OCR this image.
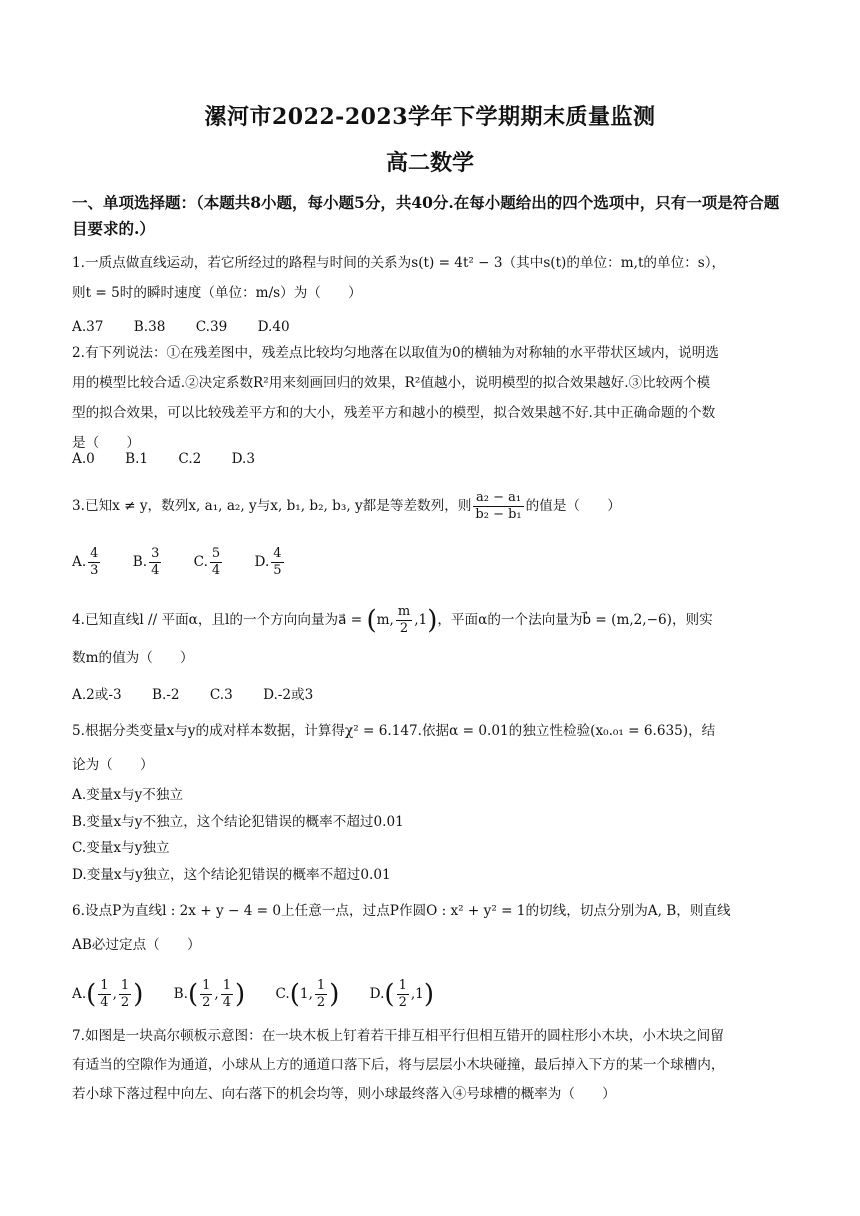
漯河市2022-2023学年下学期期末质量监测
高二数学
一、单项选择题：（本题共8小题，每小题5分，共40分.在每小题给出的四个选项中，只有一项是符合题目要求的.）
1.一质点做直线运动，若它所经过的路程与时间的关系为s(t) = 4t² − 3（其中s(t)的单位：m,t的单位：s），
则t = 5时的瞬时速度（单位：m/s）为（　　）
A.37 B.38 C.39 D.40
2.有下列说法：①在残差图中，残差点比较均匀地落在以取值为0的横轴为对称轴的水平带状区域内，说明选
用的模型比较合适.②决定系数R²用来刻画回归的效果，R²值越小，说明模型的拟合效果越好.③比较两个模
型的拟合效果，可以比较残差平方和的大小，残差平方和越小的模型，拟合效果越不好.其中正确命题的个数
是（　　）
A.0 B.1 C.2 D.3
3.已知x ≠ y，数列x, a₁, a₂, y与x, b₁, b₂, b₃, y都是等差数列，则 $\frac{\text{a₂ − a₁}}{\text{b₂ − b₁}}$ 的值是（　　）
A. $\frac{4}{3} B$. $\frac{3}{4} C$. $\frac{5}{4} D$. $\frac{4}{5}$
4.已知直线l // 平面α，且l的一个方向向量为a⃗ = (m, $\frac{m}{2} ,1$)，平面α的一个法向量为b⃗ = (m,2,−6)，则实
数m的值为（　　）
A.2或-3 B.-2 C.3 D.-2或3
5.根据分类变量x与y的成对样本数据，计算得χ² = 6.147.依据α = 0.01的独立性检验(x₀.₀₁ = 6.635)，结
论为（　　）
A.变量x与y不独立
B.变量x与y不独立，这个结论犯错误的概率不超过0.01
C.变量x与y独立
D.变量x与y独立，这个结论犯错误的概率不超过0.01
6.设点P为直线l : 2x + y − 4 = 0上任意一点，过点P作圆O : x² + y² = 1的切线，切点分别为A, B，则直线
AB必过定点（　　）
$A.( \frac{1}{4}$ , $\frac{1}{2}$ ) $B.( \frac{1}{2}$ , $\frac{1}{4}$ ) C.(1, $\frac{1}{2}$ ) $D.( \frac{1}{2} ,1)$
7.如图是一块高尔顿板示意图：在一块木板上钉着若干排互相平行但相互错开的圆柱形小木块，小木块之间留
有适当的空隙作为通道，小球从上方的通道口落下后，将与层层小木块碰撞，最后掉入下方的某一个球槽内，
若小球下落过程中向左、向右落下的机会均等，则小球最终落入④号球槽的概率为（　　）
